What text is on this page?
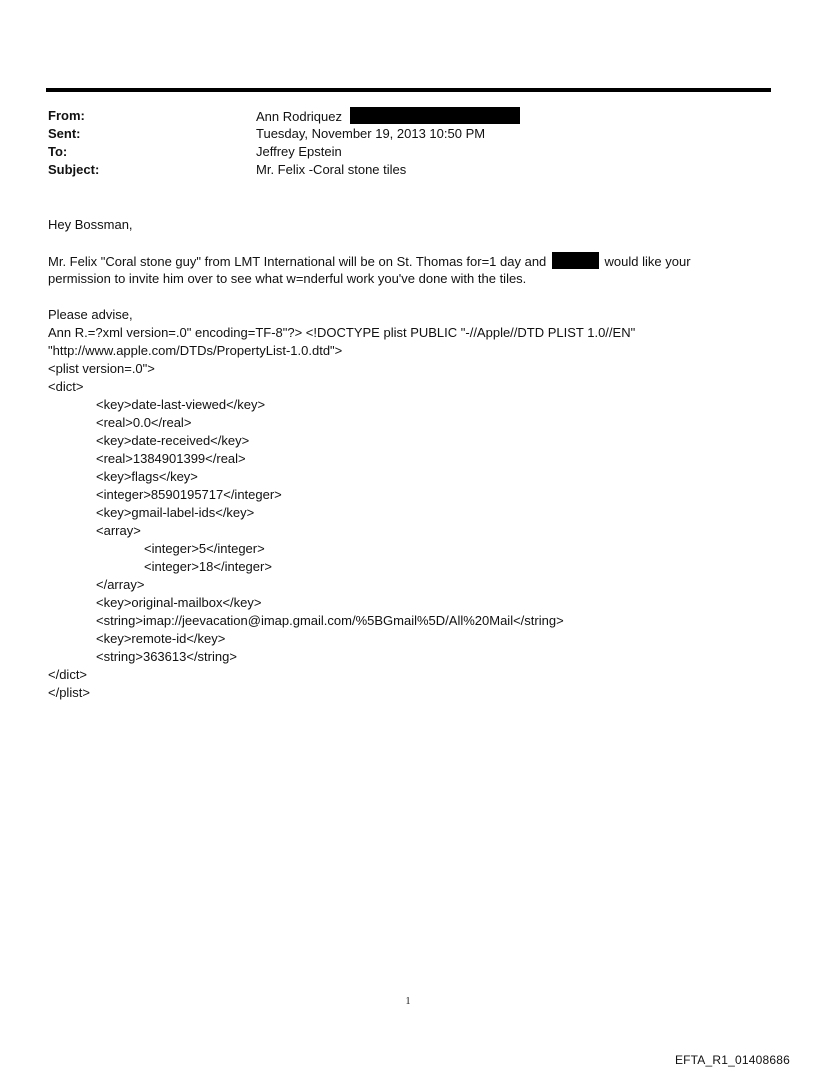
From:	Ann Rodriquez
Sent:	Tuesday, November 19, 2013 10:50 PM
To:	Jeffrey Epstein
Subject:	Mr. Felix -Coral stone tiles
Hey Bossman,
Mr. Felix "Coral stone guy" from LMT International will be on St. Thomas for=1 day and	would like your
permission to invite him over to see what w=nderful work you've done with the tiles.
Please advise,
Ann R.=?xml version=.0" encoding=TF-8"?> <!DOCTYPE plist PUBLIC "-//Apple//DTD PLIST 1.0//EN"
"http://www.apple.com/DTDs/PropertyList-1.0.dtd">
<plist version=.0">
<dict>
<key>date-last-viewed</key>
<real>0.0</real>
<key>date-received</key>
<real>1384901399</real>
<key>flags</key>
<integer>8590195717</integer>
<key>gmail-label-ids</key>
<array>
<integer>5</integer>
<integer>18</integer>
</array>
<key>original-mailbox</key>
<string>imap://jeevacation@imap.gmail.com/%5BGmail%5D/All%20Mail</string>
<key>remote-id</key>
<string>363613</string>
</dict>
</plist>
1
EFTA_R1_01408686
